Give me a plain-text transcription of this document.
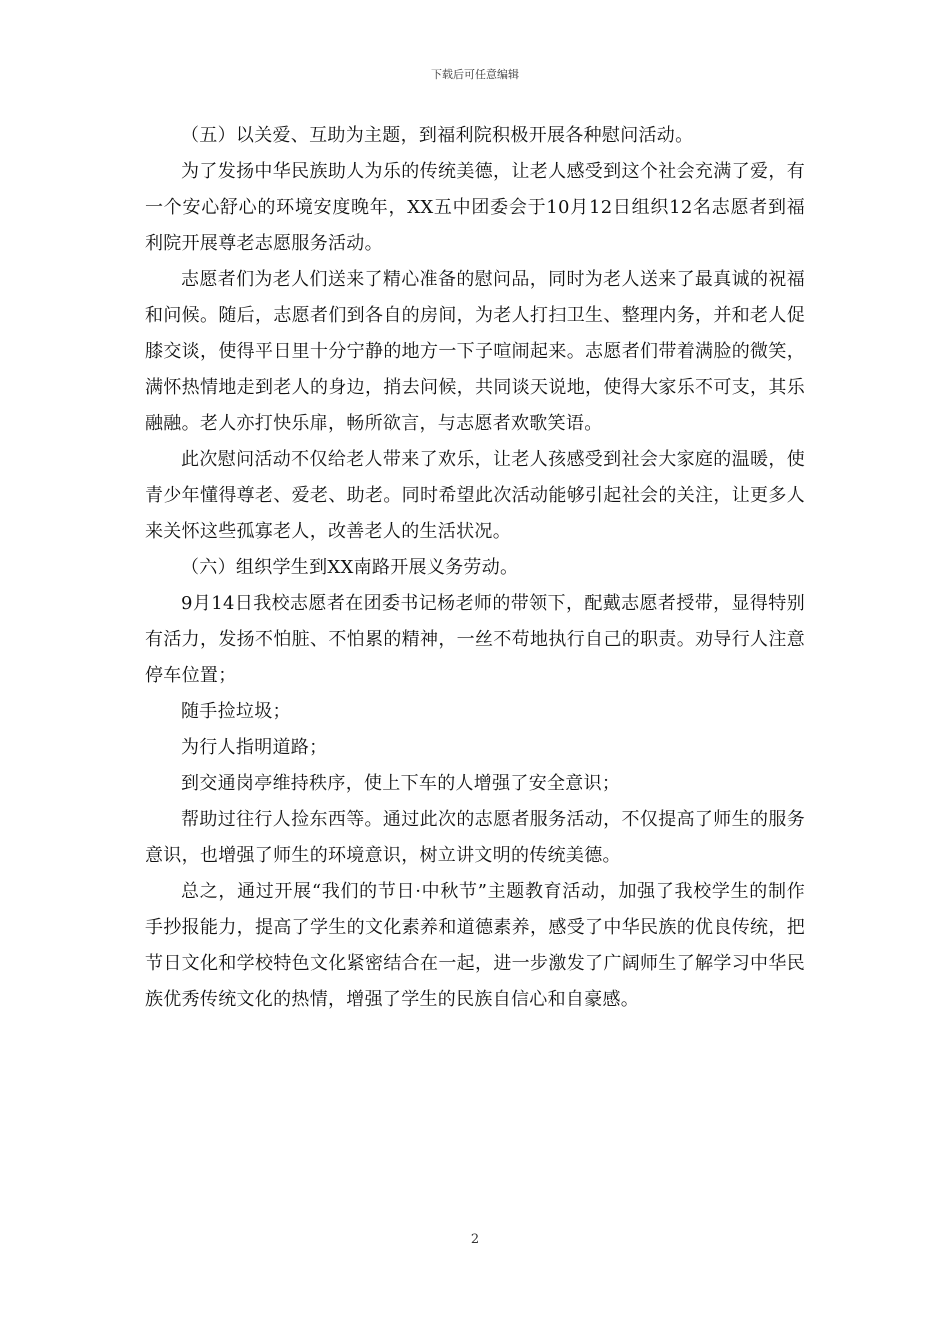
下载后可任意编辑

（五）以关爱、互助为主题，到福利院积极开展各种慰问活动。

为了发扬中华民族助人为乐的传统美德，让老人感受到这个社会充满了爱，有一个安心舒心的环境安度晚年，XX五中团委会于10月12日组织12名志愿者到福利院开展尊老志愿服务活动。

志愿者们为老人们送来了精心准备的慰问品，同时为老人送来了最真诚的祝福和问候。随后，志愿者们到各自的房间，为老人打扫卫生、整理内务，并和老人促膝交谈，使得平日里十分宁静的地方一下子喧闹起来。志愿者们带着满脸的微笑，满怀热情地走到老人的身边，捎去问候，共同谈天说地，使得大家乐不可支，其乐融融。老人亦打快乐扉，畅所欲言，与志愿者欢歌笑语。

此次慰问活动不仅给老人带来了欢乐，让老人孩感受到社会大家庭的温暖，使青少年懂得尊老、爱老、助老。同时希望此次活动能够引起社会的关注，让更多人来关怀这些孤寡老人，改善老人的生活状况。

（六）组织学生到XX南路开展义务劳动。

9月14日我校志愿者在团委书记杨老师的带领下，配戴志愿者授带，显得特别有活力，发扬不怕脏、不怕累的精神，一丝不苟地执行自己的职责。劝导行人注意停车位置；

随手捡垃圾；

为行人指明道路；

到交通岗亭维持秩序，使上下车的人增强了安全意识；

帮助过往行人捡东西等。通过此次的志愿者服务活动，不仅提高了师生的服务意识，也增强了师生的环境意识，树立讲文明的传统美德。

总之，通过开展“我们的节日·中秋节”主题教育活动，加强了我校学生的制作手抄报能力，提高了学生的文化素养和道德素养，感受了中华民族的优良传统，把节日文化和学校特色文化紧密结合在一起，进一步激发了广阔师生了解学习中华民族优秀传统文化的热情，增强了学生的民族自信心和自豪感。

2
